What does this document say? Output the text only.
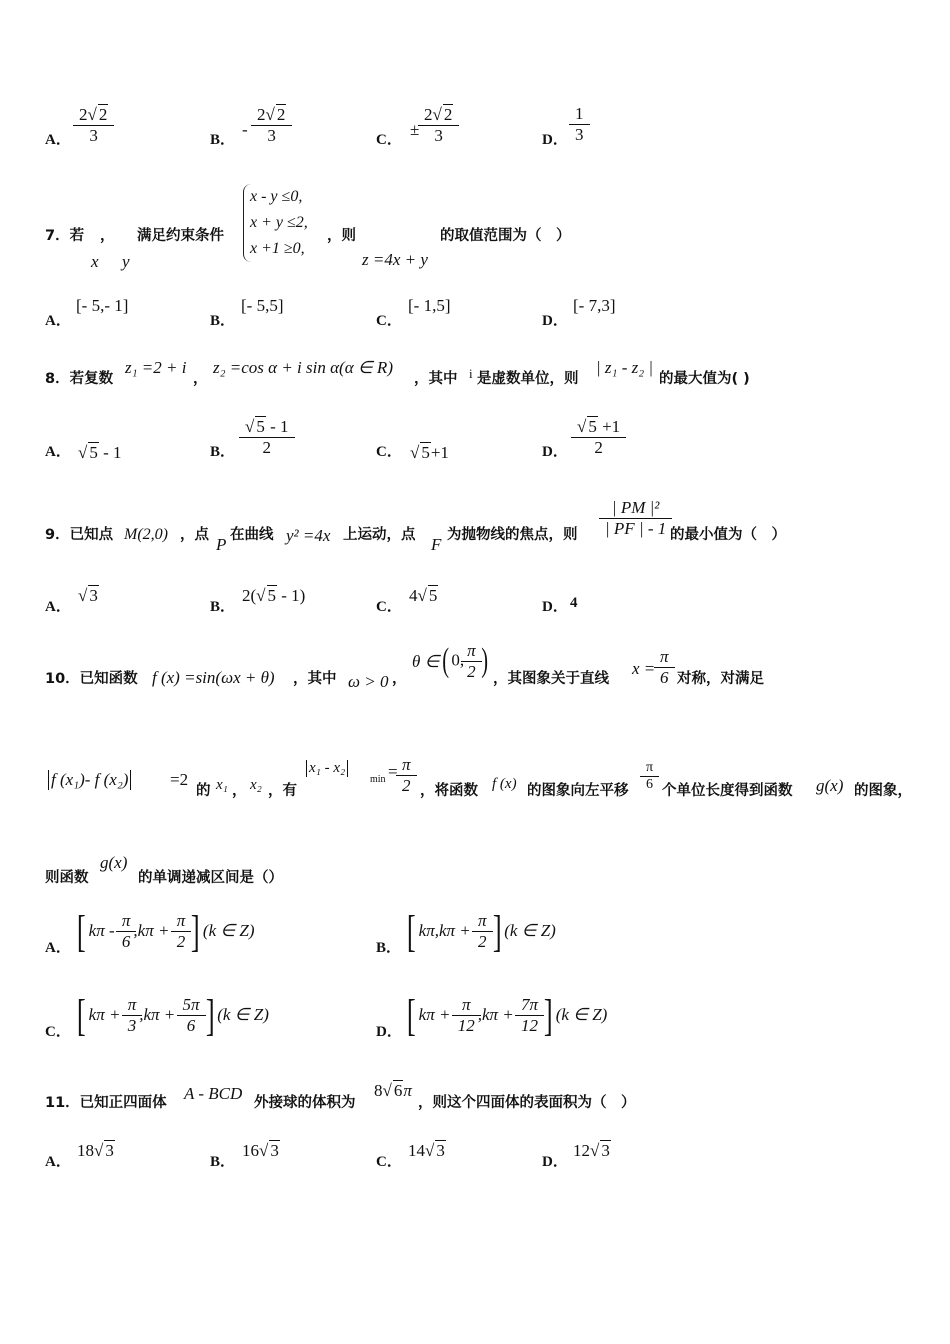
A． $\frac{2√ 2}{3}$	B．
- $\frac{2√ 2}{3}$	C．
± $\frac{2√ 2}{3}$	D． $\frac{1}{3}$
7．若 ，
x y
满足约束条件
x - y ≤0,
x + y ≤2,
x +1 ≥0,
，则
z =4x + y
的取值范围为（　）
A．
[- 5,- 1]
B．
[- 5,5]
C．
[- 1,5]
D．
[- 7,3]
8．若复数
z₁ =2 + i
，
z₂ =cos α + i sin α(α ∈ R)
，其中 i 是虚数单位，则
| z₁ - z₂ |
的最大值为( )
A． √ 5 - 1	B． $\frac{√ 5 - 1}{2}$	C． √ 5+1	D． $\frac{√ 5 +1}{2}$
9．已知点 M(2,0) ，点 P 在曲线 y² =4x 上运动，点 F 为抛物线的焦点，则 $\frac{\text{| PM |²}}{| PF | - 1}$ 的最小值为（　）
A．
√ 3
B．
2(√ 5 - 1)
C．
4√ 5
D． 4
10．已知函数 f (x) =sin(ωx + θ) ，其中 ω > 0 ，
θ ∈ ( 0, $\frac{\pi}{2}$ ) ，其图象关于直线
$x = \frac{\pi}{6}$ 对称，对满足
f (x₁)- f (x₂) =2
的 x₁ ， x₂ ，有
x₁ - x₂
$\min = \frac{\pi}{2}$ ，将函数 f (x) 的图象向左平移 $\frac{\pi}{6}$ 个单位长度得到函数 g(x) 的图象，
则函数
g(x)
的单调递减区间是（）
A． [ $k\pi - \frac{\pi}{6} ,k\pi + \frac{\pi}{2}$ ] (k ∈ Z)
B． [ $k\pi,k\pi + \frac{\pi}{2}$ ] (k ∈ Z)
C． [ $k\pi + \frac{\pi}{3} ,k\pi + \frac{5\pi}{6}$ ] (k ∈ Z)
D． [ $k\pi + \frac{\pi}{12} ,k\pi + \frac{7\pi}{12}$ ] (k ∈ Z)
11．已知正四面体 A - BCD 外接球的体积为
8√ 6π
，则这个四面体的表面积为（　）
A．
18√ 3
B．
16√ 3
C．
14√ 3
D．
12√ 3
